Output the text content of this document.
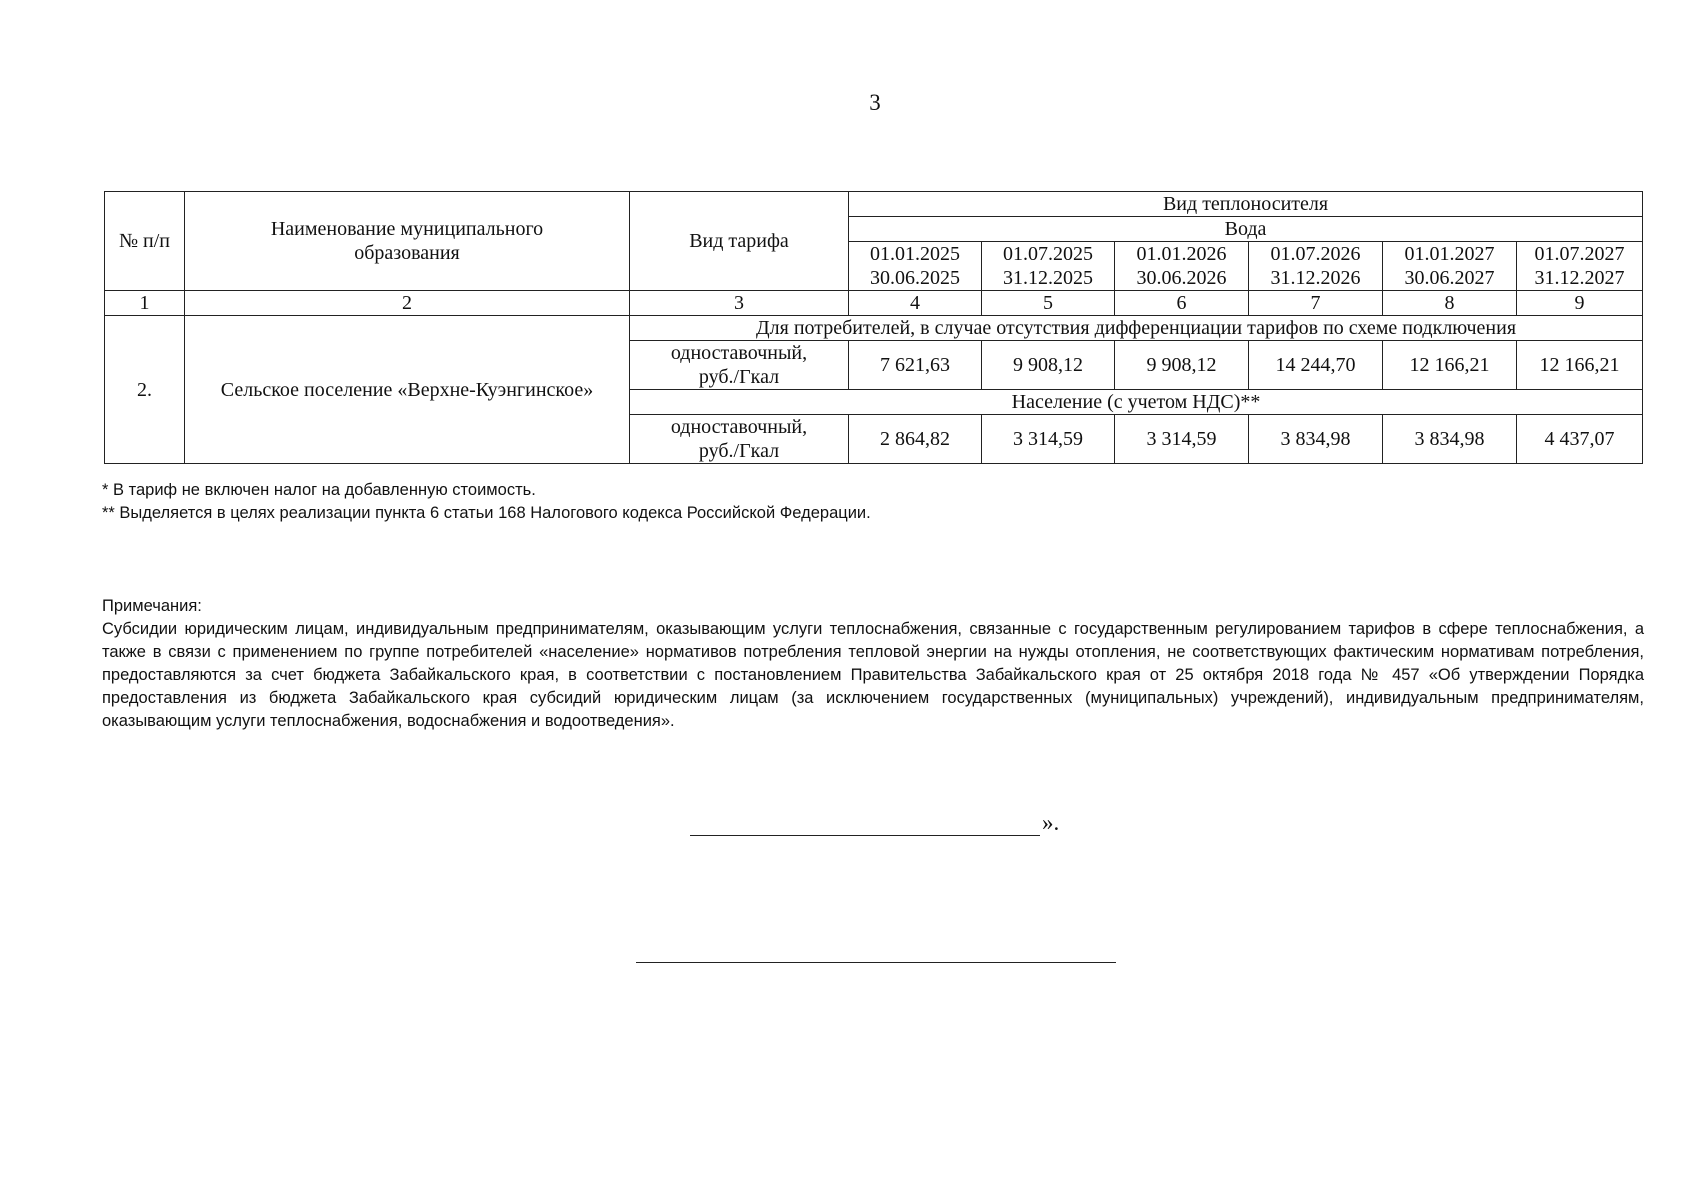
3
№ п/п	Наименование муниципального образования	Вид тарифа	Вид теплоносителя					
			Вода					
			01.01.2025	01.07.2025	01.01.2026	01.07.2026	01.01.2027	01.07.2027
			30.06.2025	31.12.2025	30.06.2026	31.12.2026	30.06.2027	31.12.2027
1	2	3	4	5	6	7	8	9
2.	Сельское поселение «Верхне-Куэнгинское»	Для потребителей, в случае отсутствия дифференциации тарифов по схеме подключения						
		одноставочный, руб./Гкал	7 621,63	9 908,12	9 908,12	14 244,70	12 166,21	12 166,21
		Население (с учетом НДС)**						
		одноставочный, руб./Гкал	2 864,82	3 314,59	3 314,59	3 834,98	3 834,98	4 437,07

* В тариф не включен налог на добавленную стоимость.

** Выделяется в целях реализации пункта 6 статьи 168 Налогового кодекса Российской Федерации.

Примечания:

Субсидии юридическим лицам, индивидуальным предпринимателям, оказывающим услуги теплоснабжения, связанные с государственным регулированием тарифов в сфере теплоснабжения, а также в связи с применением по группе потребителей «население» нормативов потребления тепловой энергии на нужды отопления, не соответствующих фактическим нормативам потребления, предоставляются за счет бюджета Забайкальского края, в соответствии с постановлением Правительства Забайкальского края от 25 октября 2018 года № 457 «Об утверждении Порядка предоставления из бюджета Забайкальского края субсидий юридическим лицам (за исключением государственных (муниципальных) учреждений), индивидуальным предпринимателям, оказывающим услуги теплоснабжения, водоснабжения и водоотведения».

».
